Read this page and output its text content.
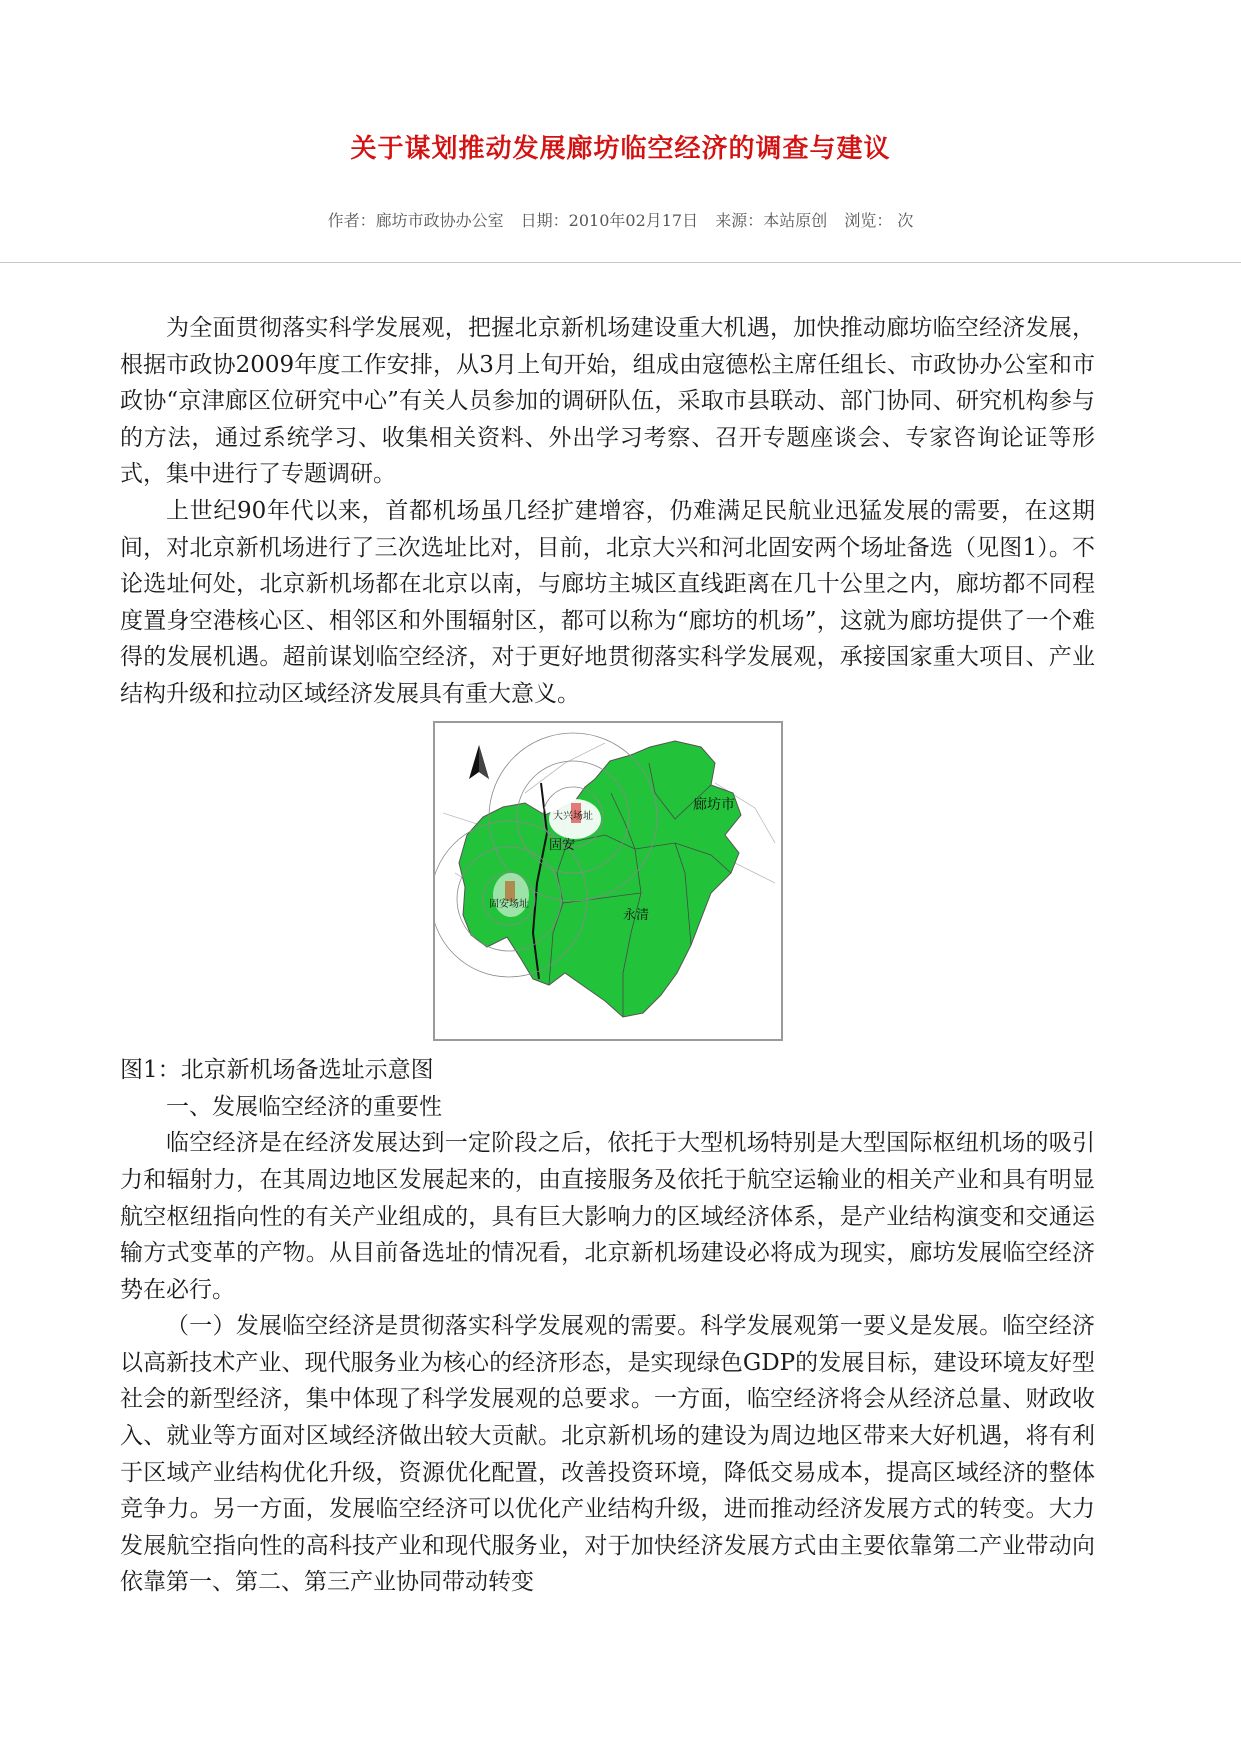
关于谋划推动发展廊坊临空经济的调查与建议
作者：廊坊市政协办公室 日期：2010年02月17日 来源：本站原创 浏览： 次

为全面贯彻落实科学发展观，把握北京新机场建设重大机遇，加快推动廊坊临空经济发展，根据市政协2009年度工作安排，从3月上旬开始，组成由寇德松主席任组长、市政协办公室和市政协“京津廊区位研究中心”有关人员参加的调研队伍，采取市县联动、部门协同、研究机构参与的方法，通过系统学习、收集相关资料、外出学习考察、召开专题座谈会、专家咨询论证等形式，集中进行了专题调研。

上世纪90年代以来，首都机场虽几经扩建增容，仍难满足民航业迅猛发展的需要，在这期间，对北京新机场进行了三次选址比对，目前，北京大兴和河北固安两个场址备选（见图1）。不论选址何处，北京新机场都在北京以南，与廊坊主城区直线距离在几十公里之内，廊坊都不同程度置身空港核心区、相邻区和外围辐射区，都可以称为“廊坊的机场”，这就为廊坊提供了一个难得的发展机遇。超前谋划临空经济，对于更好地贯彻落实科学发展观，承接国家重大项目、产业结构升级和拉动区域经济发展具有重大意义。

廊坊市
固安
永清
大兴场址
固安场址

图1：北京新机场备选址示意图

一、发展临空经济的重要性

临空经济是在经济发展达到一定阶段之后，依托于大型机场特别是大型国际枢纽机场的吸引力和辐射力，在其周边地区发展起来的，由直接服务及依托于航空运输业的相关产业和具有明显航空枢纽指向性的有关产业组成的，具有巨大影响力的区域经济体系，是产业结构演变和交通运输方式变革的产物。从目前备选址的情况看，北京新机场建设必将成为现实，廊坊发展临空经济势在必行。

（一）发展临空经济是贯彻落实科学发展观的需要。科学发展观第一要义是发展。临空经济以高新技术产业、现代服务业为核心的经济形态，是实现绿色GDP的发展目标，建设环境友好型社会的新型经济，集中体现了科学发展观的总要求。一方面，临空经济将会从经济总量、财政收入、就业等方面对区域经济做出较大贡献。北京新机场的建设为周边地区带来大好机遇，将有利于区域产业结构优化升级，资源优化配置，改善投资环境，降低交易成本，提高区域经济的整体竞争力。另一方面，发展临空经济可以优化产业结构升级，进而推动经济发展方式的转变。大力发展航空指向性的高科技产业和现代服务业，对于加快经济发展方式由主要依靠第二产业带动向依靠第一、第二、第三产业协同带动转变
